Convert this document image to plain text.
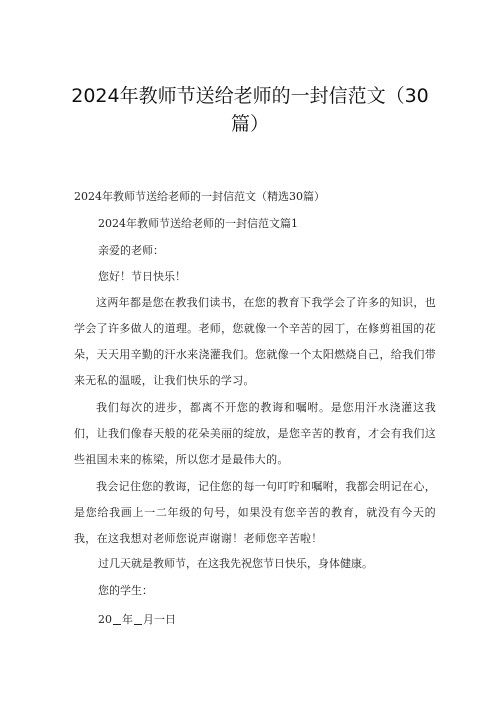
2024年教师节送给老师的一封信范文（30
篇）

2024年教师节送给老师的一封信范文（精选30篇）

2024年教师节送给老师的一封信范文篇1

亲爱的老师：

您好！节日快乐！

这两年都是您在教我们读书，在您的教育下我学会了许多的知识，也学会了许多做人的道理。老师，您就像一个辛苦的园丁，在修剪祖国的花朵，天天用辛勤的汗水来浇灌我们。您就像一个太阳燃烧自己，给我们带来无私的温暖，让我们快乐的学习。

我们每次的进步，都离不开您的教诲和嘱咐。是您用汗水浇灌这我们，让我们像春天般的花朵美丽的绽放，是您辛苦的教育，才会有我们这些祖国未来的栋梁，所以您才是最伟大的。

我会记住您的教诲，记住您的每一句叮咛和嘱咐，我都会明记在心，是您给我画上一二年级的句号，如果没有您辛苦的教育，就没有今天的我，在这我想对老师您说声谢谢！老师您辛苦啦！

过几天就是教师节，在这我先祝您节日快乐，身体健康。

您的学生：

20 年 月一日
